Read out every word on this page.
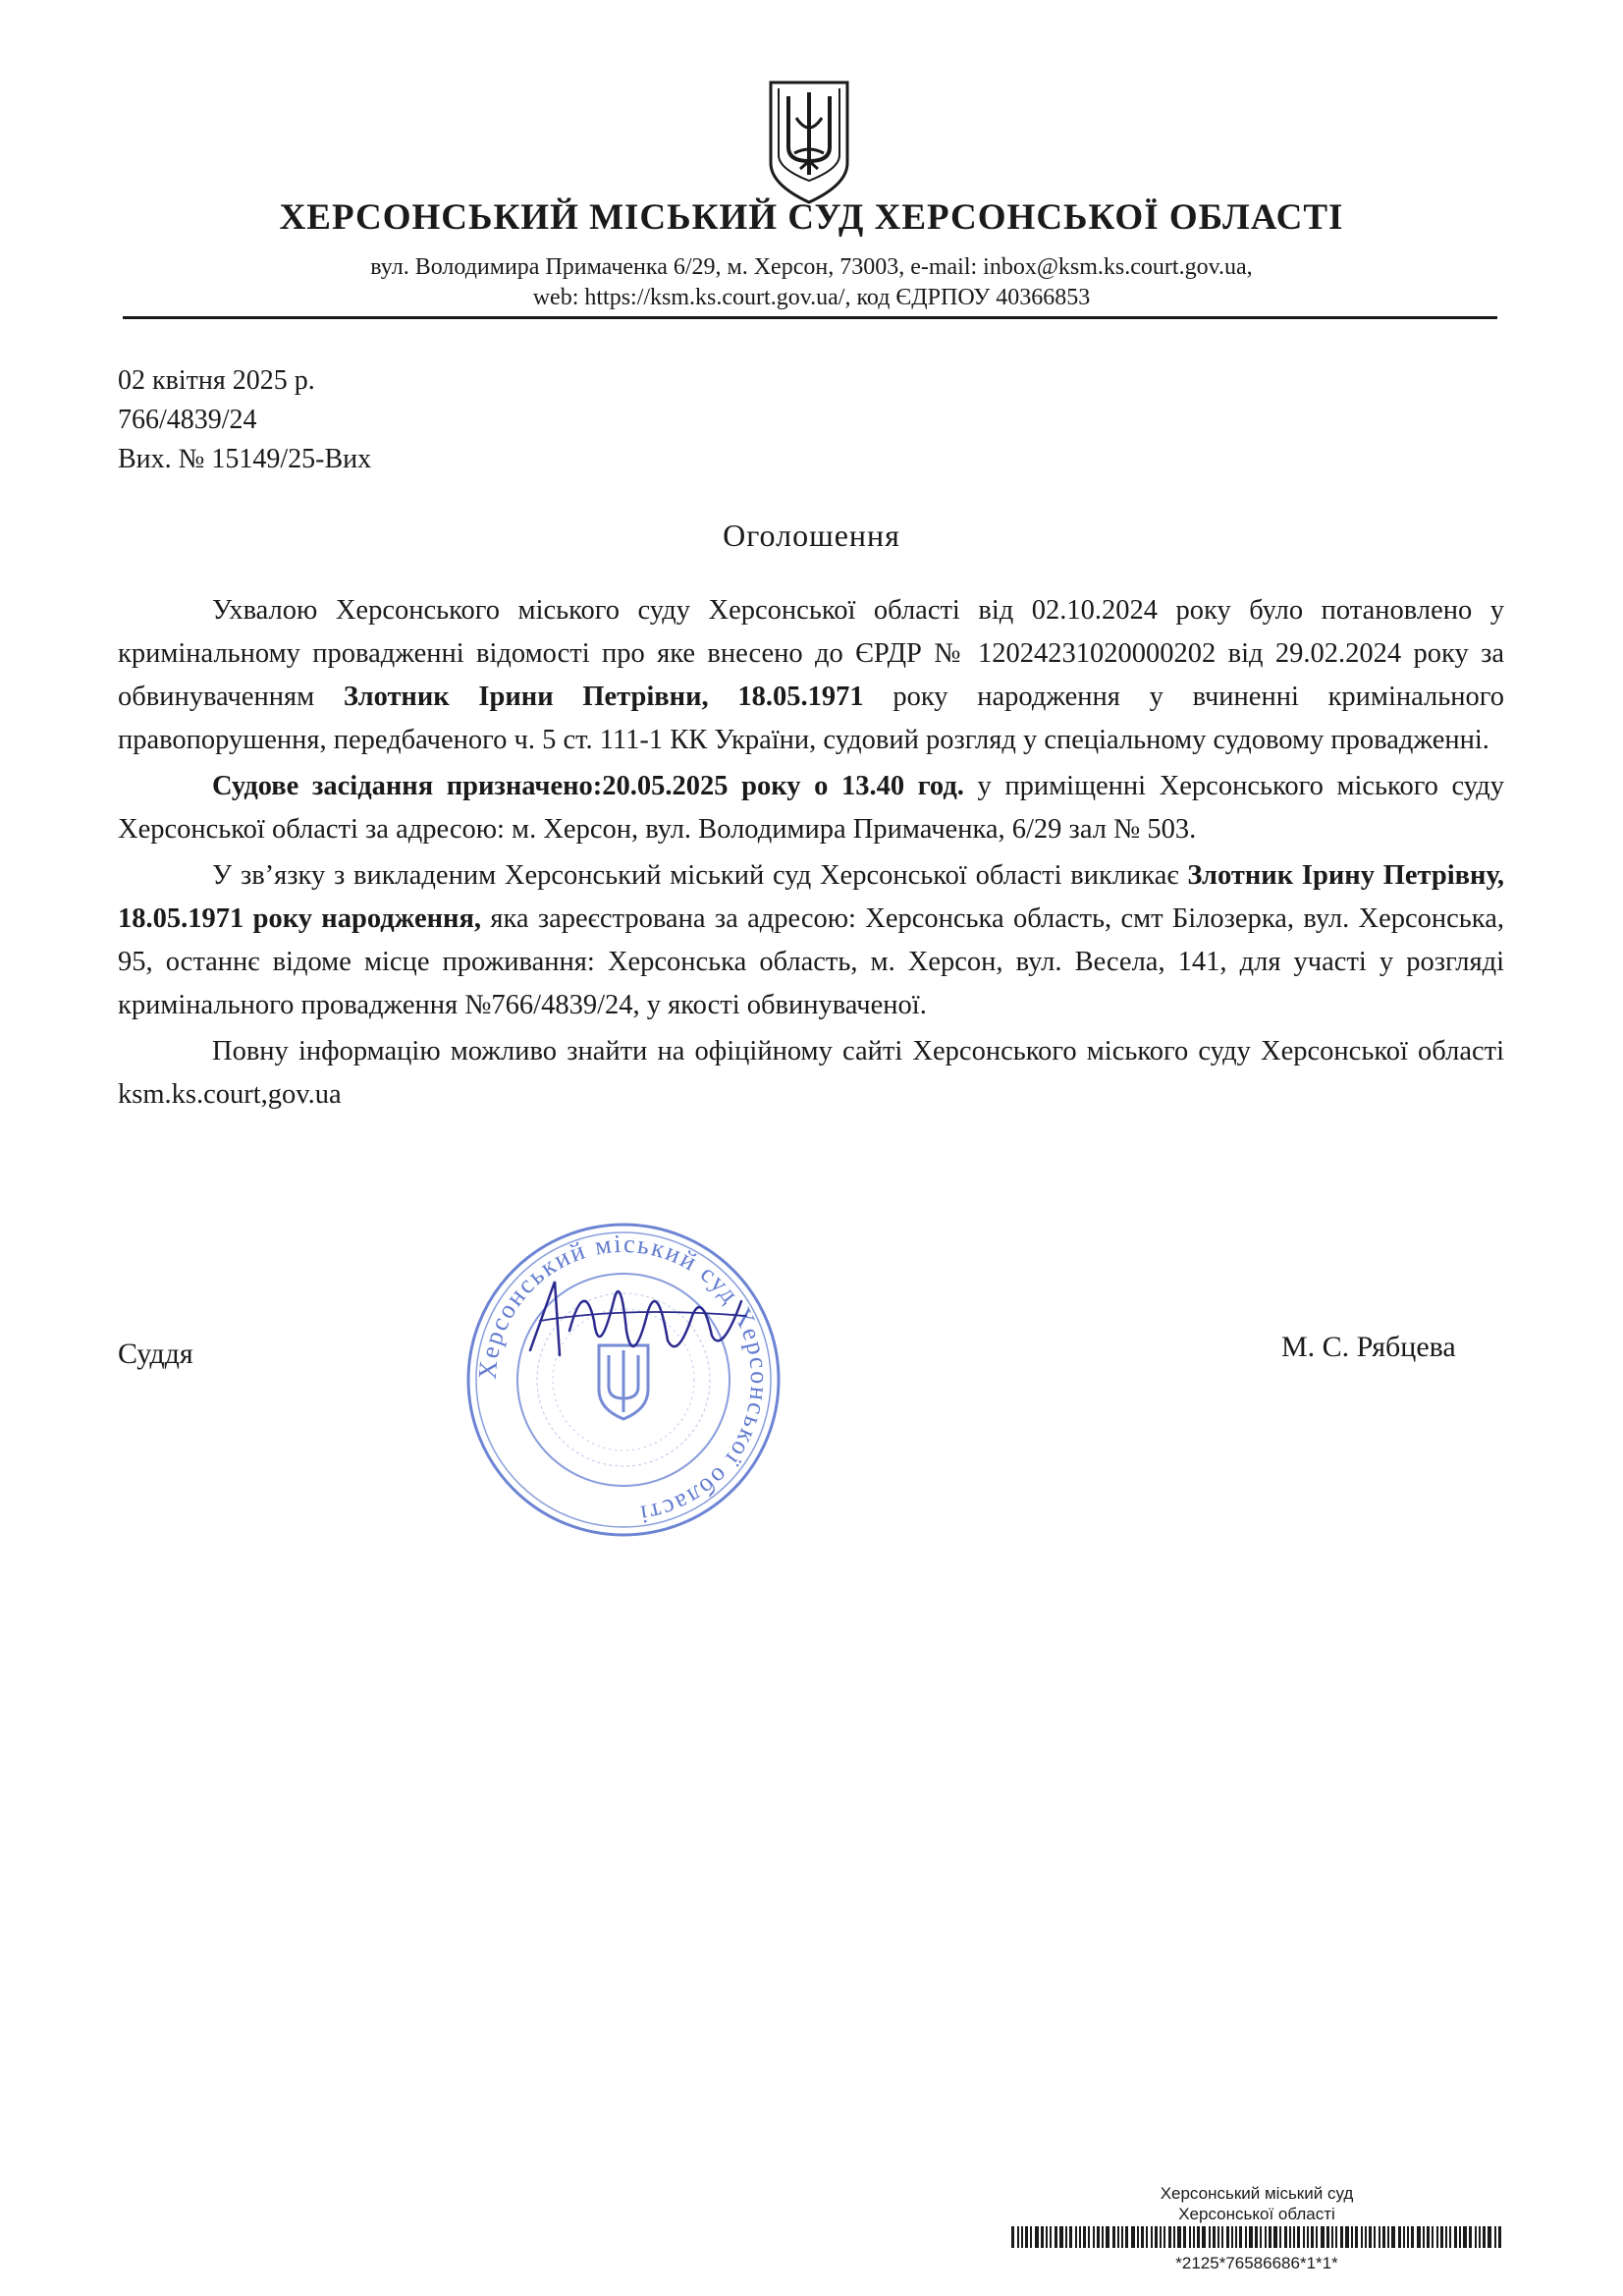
ХЕРСОНСЬКИЙ МІСЬКИЙ СУД ХЕРСОНСЬКОЇ ОБЛАСТІ
вул. Володимира Примаченка 6/29, м. Херсон, 73003, e-mail: inbox@ksm.ks.court.gov.ua,
web: https://ksm.ks.court.gov.ua/, код ЄДРПОУ 40366853
02 квітня 2025 р.
766/4839/24
Вих. № 15149/25-Вих
Оголошення

Ухвалою Херсонського міського суду Херсонської області від 02.10.2024 року було потановлено у кримінальному провадженні відомості про яке внесено до ЄРДР № 12024231020000202 від 29.02.2024 року за обвинуваченням Злотник Ірини Петрівни, 18.05.1971 року народження у вчиненні кримінального правопорушення, передбаченого ч. 5 ст. 111-1 КК України, судовий розгляд у спеціальному судовому провадженні.

Судове засідання призначено:20.05.2025 року о 13.40 год. у приміщенні Херсонського міського суду Херсонської області за адресою: м. Херсон, вул. Володимира Примаченка, 6/29 зал № 503.

У зв’язку з викладеним Херсонський міський суд Херсонської області викликає Злотник Ірину Петрівну, 18.05.1971 року народження, яка зареєстрована за адресою: Херсонська область, смт Білозерка, вул. Херсонська, 95, останнє відоме місце проживання: Херсонська область, м. Херсон, вул. Весела, 141, для участі у розгляді кримінального провадження №766/4839/24, у якості обвинуваченої.

Повну інформацію можливо знайти на офіційному сайті Херсонського міського суду Херсонської області ksm.ks.court,gov.ua

Херсонський міський суд Херсонської області
Суддя	М. С. Рябцева
Херсонський міський суд
Херсонської області
*2125*76586686*1*1*
